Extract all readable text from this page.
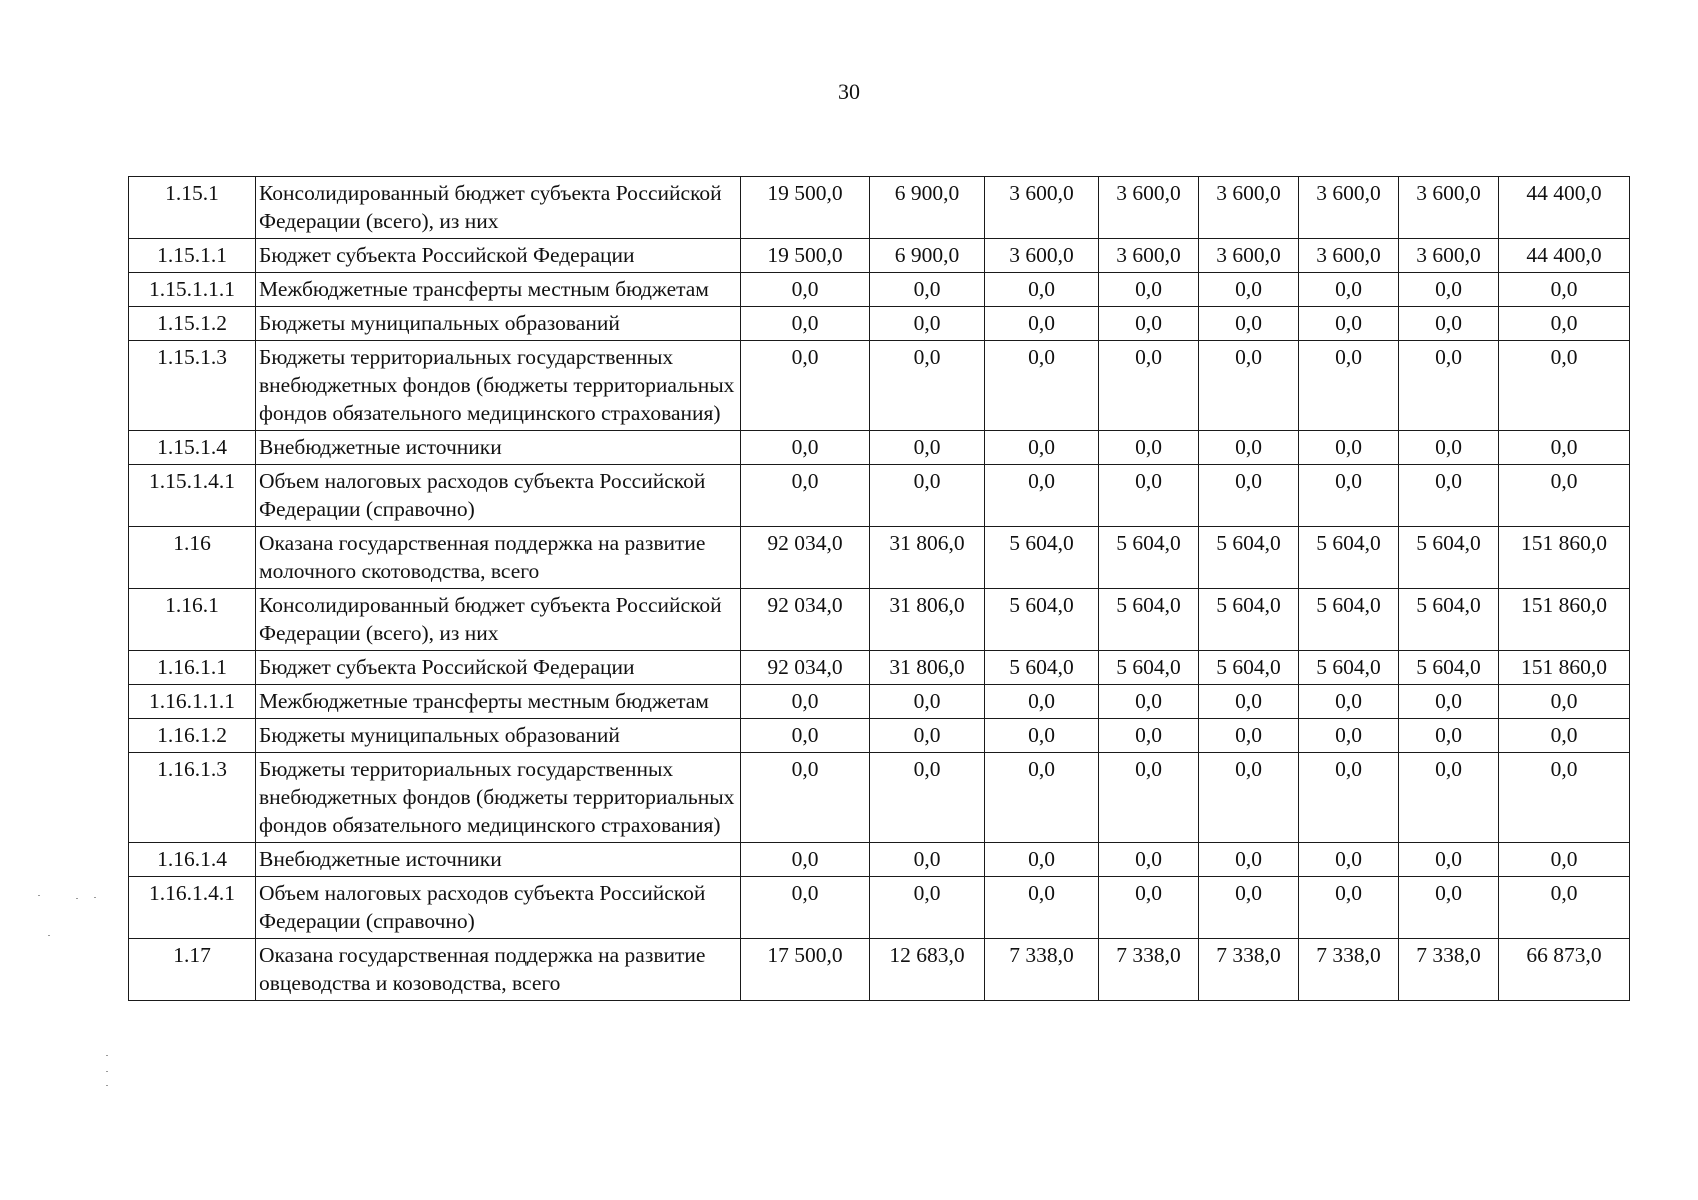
30
1.15.1	Консолидированный бюджет субъекта Российской Федерации (всего), из них	19 500,0	6 900,0	3 600,0	3 600,0	3 600,0	3 600,0	3 600,0	44 400,0
1.15.1.1	Бюджет субъекта Российской Федерации	19 500,0	6 900,0	3 600,0	3 600,0	3 600,0	3 600,0	3 600,0	44 400,0
1.15.1.1.1	Межбюджетные трансферты местным бюджетам	0,0	0,0	0,0	0,0	0,0	0,0	0,0	0,0
1.15.1.2	Бюджеты муниципальных образований	0,0	0,0	0,0	0,0	0,0	0,0	0,0	0,0
1.15.1.3	Бюджеты территориальных государственных внебюджетных фондов (бюджеты территориальных фондов обязательного медицинского страхования)	0,0	0,0	0,0	0,0	0,0	0,0	0,0	0,0
1.15.1.4	Внебюджетные источники	0,0	0,0	0,0	0,0	0,0	0,0	0,0	0,0
1.15.1.4.1	Объем налоговых расходов субъекта Российской Федерации (справочно)	0,0	0,0	0,0	0,0	0,0	0,0	0,0	0,0
1.16	Оказана государственная поддержка на развитие молочного скотоводства, всего	92 034,0	31 806,0	5 604,0	5 604,0	5 604,0	5 604,0	5 604,0	151 860,0
1.16.1	Консолидированный бюджет субъекта Российской Федерации (всего), из них	92 034,0	31 806,0	5 604,0	5 604,0	5 604,0	5 604,0	5 604,0	151 860,0
1.16.1.1	Бюджет субъекта Российской Федерации	92 034,0	31 806,0	5 604,0	5 604,0	5 604,0	5 604,0	5 604,0	151 860,0
1.16.1.1.1	Межбюджетные трансферты местным бюджетам	0,0	0,0	0,0	0,0	0,0	0,0	0,0	0,0
1.16.1.2	Бюджеты муниципальных образований	0,0	0,0	0,0	0,0	0,0	0,0	0,0	0,0
1.16.1.3	Бюджеты территориальных государственных внебюджетных фондов (бюджеты территориальных фондов обязательного медицинского страхования)	0,0	0,0	0,0	0,0	0,0	0,0	0,0	0,0
1.16.1.4	Внебюджетные источники	0,0	0,0	0,0	0,0	0,0	0,0	0,0	0,0
1.16.1.4.1	Объем налоговых расходов субъекта Российской Федерации (справочно)	0,0	0,0	0,0	0,0	0,0	0,0	0,0	0,0
1.17	Оказана государственная поддержка на развитие овцеводства и козоводства, всего	17 500,0	12 683,0	7 338,0	7 338,0	7 338,0	7 338,0	7 338,0	66 873,0
